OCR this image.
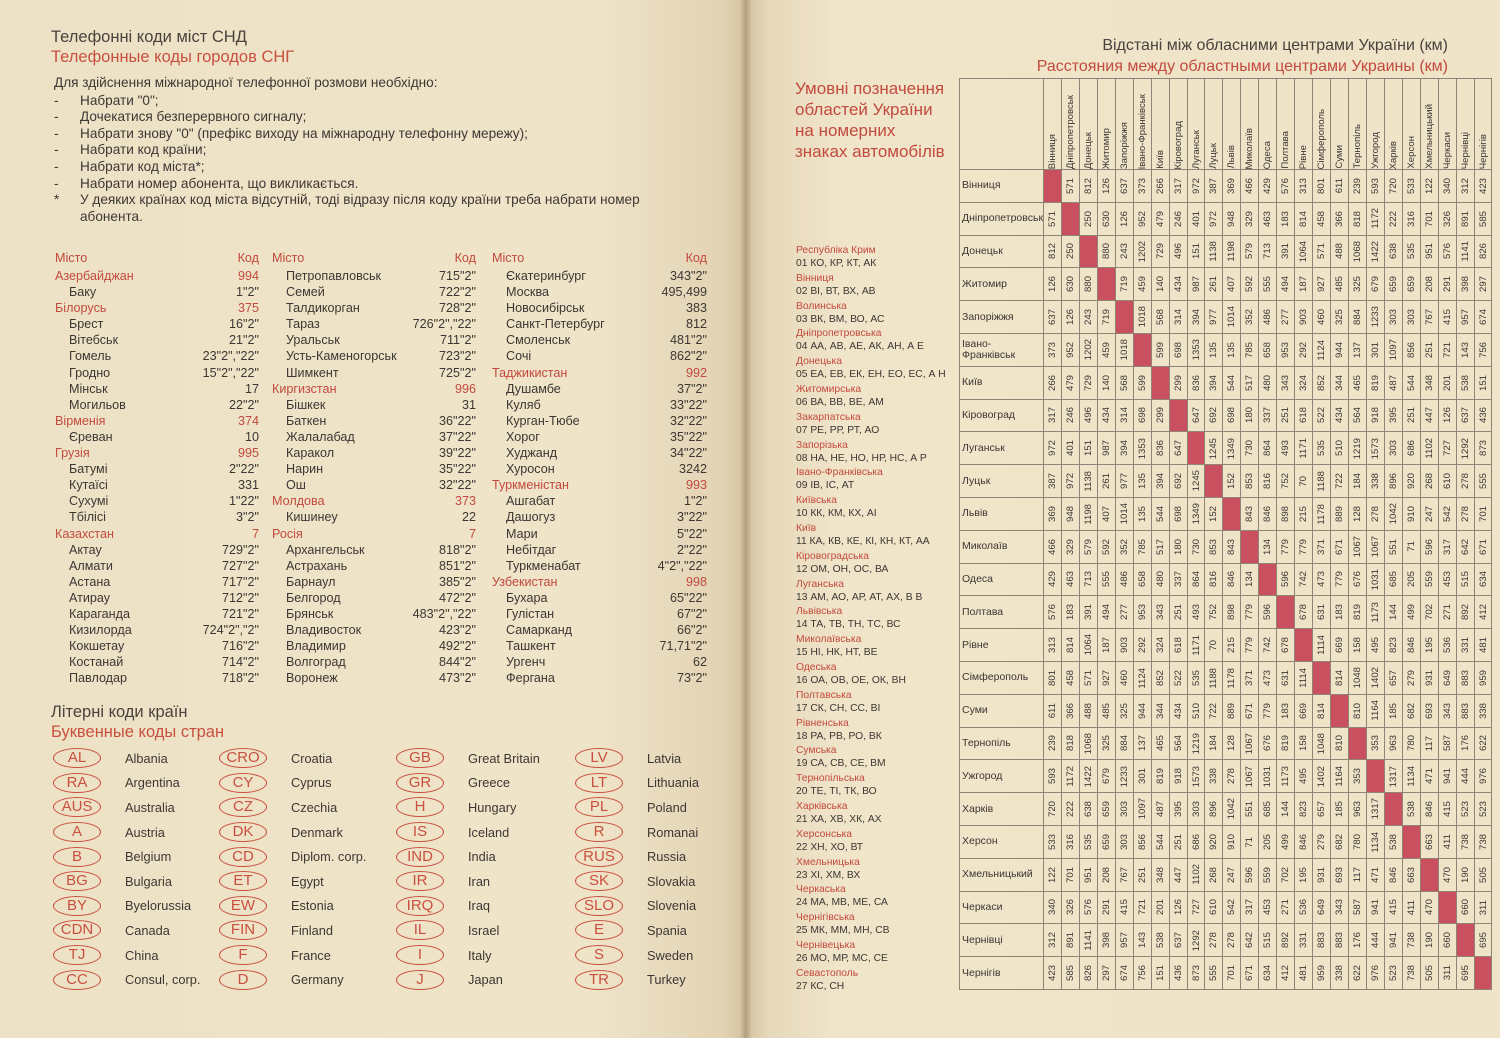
Телефонні коди міст СНД
Телефонные коды городов СНГ

Для здійснення міжнародної телефонної розмови необхідно:

-	Набрати "0";
-	Дочекатися безперервного сигналу;
-	Набрати знову "0" (префікс виходу на міжнародну телефонну мережу);
-	Набрати код країни;
-	Набрати код міста*;
-	Набрати номер абонента, що викликається.
*	У деяких країнах код міста відсутній, тоді відразу після коду країни треба набрати номер абонента.
Місто	Код
Азербайджан	994
Баку	1"2"
Білорусь	375
Брест	16"2"
Вітебськ	21"2"
Гомель	23"2","22"
Гродно	15"2","22"
Мінськ	17
Могильов	22"2"
Вірменія	374
Єреван	10
Грузія	995
Батумі	2"22"
Кутаїсі	331
Сухумі	1"22"
Тбілісі	3"2"
Казахстан	7
Актау	729"2"
Алмати	727"2"
Астана	717"2"
Атирау	712"2"
Караганда	721"2"
Кизилорда	724"2","2"
Кокшетау	716"2"
Костанай	714"2"
Павлодар	718"2"
Місто	Код
Петропавловськ	715"2"
Семей	722"2"
Талдикорган	728"2"
Тараз	726"2","22"
Уральськ	711"2"
Усть-Каменогорськ	723"2"
Шимкент	725"2"
Киргизстан	996
Бішкек	31
Баткен	36"22"
Жалалабад	37"22"
Каракол	39"22"
Нарин	35"22"
Ош	32"22"
Молдова	373
Кишинеу	22
Росія	7
Архангельськ	818"2"
Астрахань	851"2"
Барнаул	385"2"
Белгород	472"2"
Брянськ	483"2","22"
Владивосток	423"2"
Владимир	492"2"
Волгоград	844"2"
Воронеж	473"2"
Місто	Код
Єкатеринбург	343"2"
Москва	495,499
Новосибірськ	383
Санкт-Петербург	812
Смоленськ	481"2"
Сочі	862"2"
Таджикистан	992
Душамбе	37"2"
Куляб	33"22"
Курган-Тюбе	32"22"
Хорог	35"22"
Худжанд	34"22"
Хуросон	3242
Туркменістан	993
Ашгабат	1"2"
Дашогуз	3"22"
Мари	5"22"
Небітдаг	2"22"
Туркменабат	4"2","22"
Узбекистан	998
Бухара	65"22"
Гулістан	67"2"
Самарканд	66"2"
Ташкент	71,71"2"
Ургенч	62
Фергана	73"2"
Літерні коди країн
Буквенные коды стран
AL	Albania
RA	Argentina
AUS	Australia
A	Austria
B	Belgium
BG	Bulgaria
BY	Byelorussia
CDN	Canada
TJ	China
CC	Consul, corp.
CRO	Croatia
CY	Cyprus
CZ	Czechia
DK	Denmark
CD	Diplom. corp.
ET	Egypt
EW	Estonia
FIN	Finland
F	France
D	Germany
GB	Great Britain
GR	Greece
H	Hungary
IS	Iceland
IND	India
IR	Iran
IRQ	Iraq
IL	Israel
I	Italy
J	Japan
LV	Latvia
LT	Lithuania
PL	Poland
R	Romanai
RUS	Russia
SK	Slovakia
SLO	Slovenia
E	Spania
S	Sweden
TR	Turkey
Відстані між обласними центрами України (км)
Расстояния между областными центрами Украины (км)
Умовні позначення областей України на номерних знаках автомобілів
Республіка Крим
01 КО, КР, КТ, АК
Вінниця
02 ВІ, ВТ, ВХ, АВ
Волинська
03 ВК, ВМ, ВО, АС
Дніпропетровська
04 АА, АВ, АЕ, АК, АН, А Е
Донецька
05 ЕА, ЕВ, ЕК, ЕН, ЕО, ЕС, А Н
Житомирська
06 ВА, ВВ, ВЕ, АМ
Закарпатська
07 РЕ, РР, РТ, АО
Запорізька
08 НА, НЕ, НО, НР, НС, А Р
Івано-Франківська
09 ІВ, ІС, АТ
Київська
10 КК, КМ, КХ, АІ
Київ
11 КА, КВ, КЕ, КІ, КН, КТ, АА
Кіровоградська
12 ОМ, ОН, ОС, ВА
Луганська
13 АМ, АО, АР, АТ, АХ, В В
Львівська
14 ТА, ТВ, ТН, ТС, ВС
Миколаївська
15 НІ, НК, НТ, ВЕ
Одеська
16 ОА, ОВ, ОЕ, ОК, ВН
Полтавська
17 СК, СН, СС, ВІ
Рівненська
18 РА, РВ, РО, ВК
Сумська
19 СА, СВ, СЕ, ВМ
Тернопільська
20 ТЕ, ТІ, ТК, ВО
Харківська
21 ХА, ХВ, ХК, АХ
Херсонська
22 ХН, ХО, ВТ
Хмельницька
23 ХІ, ХМ, ВХ
Черкаська
24 МА, МВ, МЕ, СА
Чернігівська
25 МК, ММ, МН, СВ
Чернівецька
26 МО, МР, МС, СЕ
Севастополь
27 КС, СН

	Вінниця	Дніпропетровськ	Донецьк	Житомир	Запоріжжя	Івано-Франківськ	Київ	Кіровоград	Луганськ	Луцьк	Львів	Миколаїв	Одеса	Полтава	Рівне	Сімферополь	Суми	Тернопіль	Ужгород	Харків	Херсон	Хмельницький	Черкаси	Чернівці	Чернігів

Вінниця		571	812	126	637	373	266	317	972	387	369	466	429	576	313	801	611	239	593	720	533	122	340	312	423

Дніпропетровськ	571		250	630	126	952	479	246	401	972	948	329	463	183	814	458	366	818	1172	222	316	701	326	891	585

Донецьк	812	250		880	243	1202	729	496	151	1138	1198	579	713	391	1064	571	488	1068	1422	638	535	951	576	1141	826

Житомир	126	630	880		719	459	140	434	987	261	407	592	555	494	187	927	485	325	679	659	659	208	291	398	297

Запоріжжя	637	126	243	719		1018	568	314	394	977	1014	352	486	277	903	460	325	884	1233	303	303	767	415	957	674

Івано-Франківськ	373	952	1202	459	1018		599	698	1353	135	135	785	658	953	292	1124	944	137	301	1097	856	251	721	143	756

Київ	266	479	729	140	568	599		299	836	394	544	517	480	343	324	852	344	465	819	487	544	348	201	538	151

Кіровоград	317	246	496	434	314	698	299		647	692	698	180	337	251	618	522	434	564	918	395	251	447	126	637	436

Луганськ	972	401	151	987	394	1353	836	647		1245	1349	730	864	493	1171	535	510	1219	1573	303	686	1102	727	1292	873

Луцьк	387	972	1138	261	977	135	394	692	1245		152	853	816	752	70	1188	722	184	338	896	920	268	610	278	555

Львів	369	948	1198	407	1014	135	544	698	1349	152		843	846	898	215	1178	889	128	278	1042	910	247	542	278	701

Миколаїв	466	329	579	592	352	785	517	180	730	853	843		134	779	779	371	671	1067	1067	551	71	596	317	642	671

Одеса	429	463	713	555	486	658	480	337	864	816	846	134		596	742	473	779	676	1031	685	205	559	453	515	634

Полтава	576	183	391	494	277	953	343	251	493	752	898	779	596		678	631	183	819	1173	144	499	702	271	892	412

Рівне	313	814	1064	187	903	292	324	618	1171	70	215	779	742	678		1114	669	158	495	823	846	195	536	331	481

Сімферополь	801	458	571	927	460	1124	852	522	535	1188	1178	371	473	631	1114		814	1048	1402	657	279	931	649	883	959

Суми	611	366	488	485	325	944	344	434	510	722	889	671	779	183	669	814		810	1164	185	682	693	343	883	338

Тернопіль	239	818	1068	325	884	137	465	564	1219	184	128	1067	676	819	158	1048	810		353	963	780	117	587	176	622

Ужгород	593	1172	1422	679	1233	301	819	918	1573	338	278	1067	1031	1173	495	1402	1164	353		1317	1134	471	941	444	976

Харків	720	222	638	659	303	1097	487	395	303	896	1042	551	685	144	823	657	185	963	1317		538	846	415	523	523

Херсон	533	316	535	659	303	856	544	251	686	920	910	71	205	499	846	279	682	780	1134	538		663	411	738	738

Хмельницький	122	701	951	208	767	251	348	447	1102	268	247	596	559	702	195	931	693	117	471	846	663		470	190	505

Черкаси	340	326	576	291	415	721	201	126	727	610	542	317	453	271	536	649	343	587	941	415	411	470		660	311

Чернівці	312	891	1141	398	957	143	538	637	1292	278	278	642	515	892	331	883	883	176	444	941	738	190	660		695

Чернігів	423	585	826	297	674	756	151	436	873	555	701	671	634	412	481	959	338	622	976	523	738	505	311	695	
